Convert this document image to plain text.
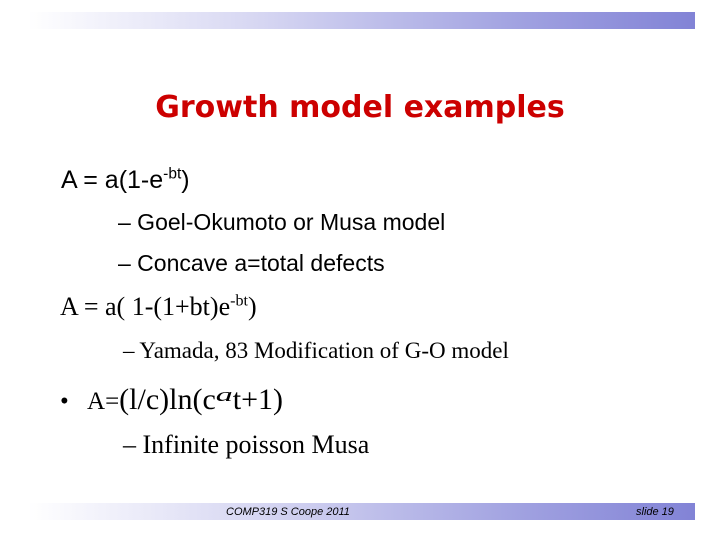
Growth model examples
$A = a(1-e^{-bt})$
– Goel-Okumoto or Musa model
– Concave a=total defects
A = a( $1-(1+bt)e^{-bt}$)
– Yamada, 83 Modification of G-O model
• A=(l/c)ln(cat+1)
– Infinite poisson Musa
COMP319 S Coope 2011	slide 19
